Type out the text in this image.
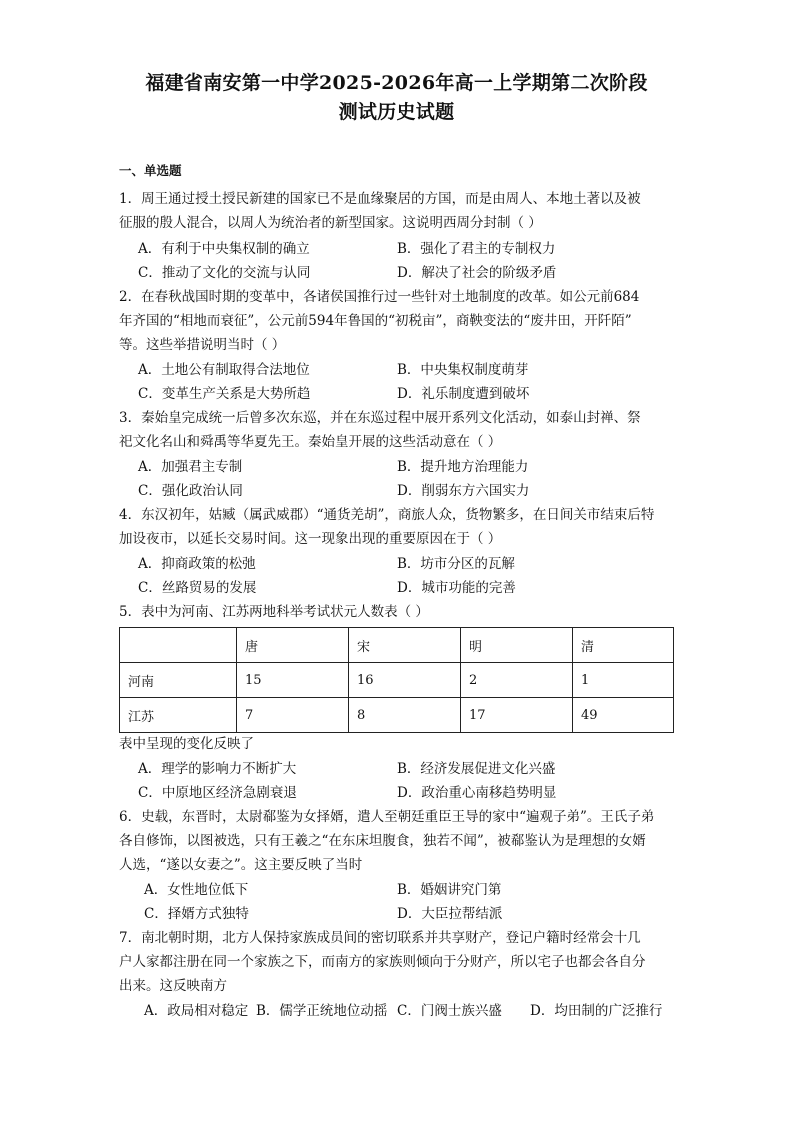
福建省南安第一中学2025-2026年高一上学期第二次阶段
测试历史试题
一、单选题
1．周王通过授土授民新建的国家已不是血缘聚居的方国，而是由周人、本地土著以及被
征服的殷人混合，以周人为统治者的新型国家。这说明西周分封制（ ）
A．有利于中央集权制的确立	B．强化了君主的专制权力
C．推动了文化的交流与认同	D．解决了社会的阶级矛盾
2．在春秋战国时期的变革中，各诸侯国推行过一些针对土地制度的改革。如公元前684
年齐国的“相地而衰征”，公元前594年鲁国的“初税亩”，商鞅变法的“废井田，开阡陌”
等。这些举措说明当时（ ）
A．土地公有制取得合法地位	B．中央集权制度萌芽
C．变革生产关系是大势所趋	D．礼乐制度遭到破坏
3．秦始皇完成统一后曾多次东巡，并在东巡过程中展开系列文化活动，如泰山封禅、祭
祀文化名山和舜禹等华夏先王。秦始皇开展的这些活动意在（ ）
A．加强君主专制	B．提升地方治理能力
C．强化政治认同	D．削弱东方六国实力
4．东汉初年，姑臧（属武威郡）“通货羌胡”，商旅人众，货物繁多，在日间关市结束后特
加设夜市，以延长交易时间。这一现象出现的重要原因在于（ ）
A．抑商政策的松弛	B．坊市分区的瓦解
C．丝路贸易的发展	D．城市功能的完善
5．表中为河南、江苏两地科举考试状元人数表（ ）
	唐	宋	明	清
河南	15	16	2	1
江苏	7	8	17	49
表中呈现的变化反映了
A．理学的影响力不断扩大	B．经济发展促进文化兴盛
C．中原地区经济急剧衰退	D．政治重心南移趋势明显
6．史载，东晋时，太尉郗鉴为女择婿，遣人至朝廷重臣王导的家中“遍观子弟”。王氏子弟
各自修饰，以图被选，只有王羲之“在东床坦腹食，独若不闻”，被郗鉴认为是理想的女婿
人选，“遂以女妻之”。这主要反映了当时
A．女性地位低下	B．婚姻讲究门第
C．择婿方式独特	D．大臣拉帮结派
7．南北朝时期，北方人保持家族成员间的密切联系并共享财产，登记户籍时经常会十几
户人家都注册在同一个家族之下，而南方的家族则倾向于分财产，所以宅子也都会各自分
出来。这反映南方
A．政局相对稳定 B．儒学正统地位动摇 C．门阀士族兴盛 D．均田制的广泛推行
